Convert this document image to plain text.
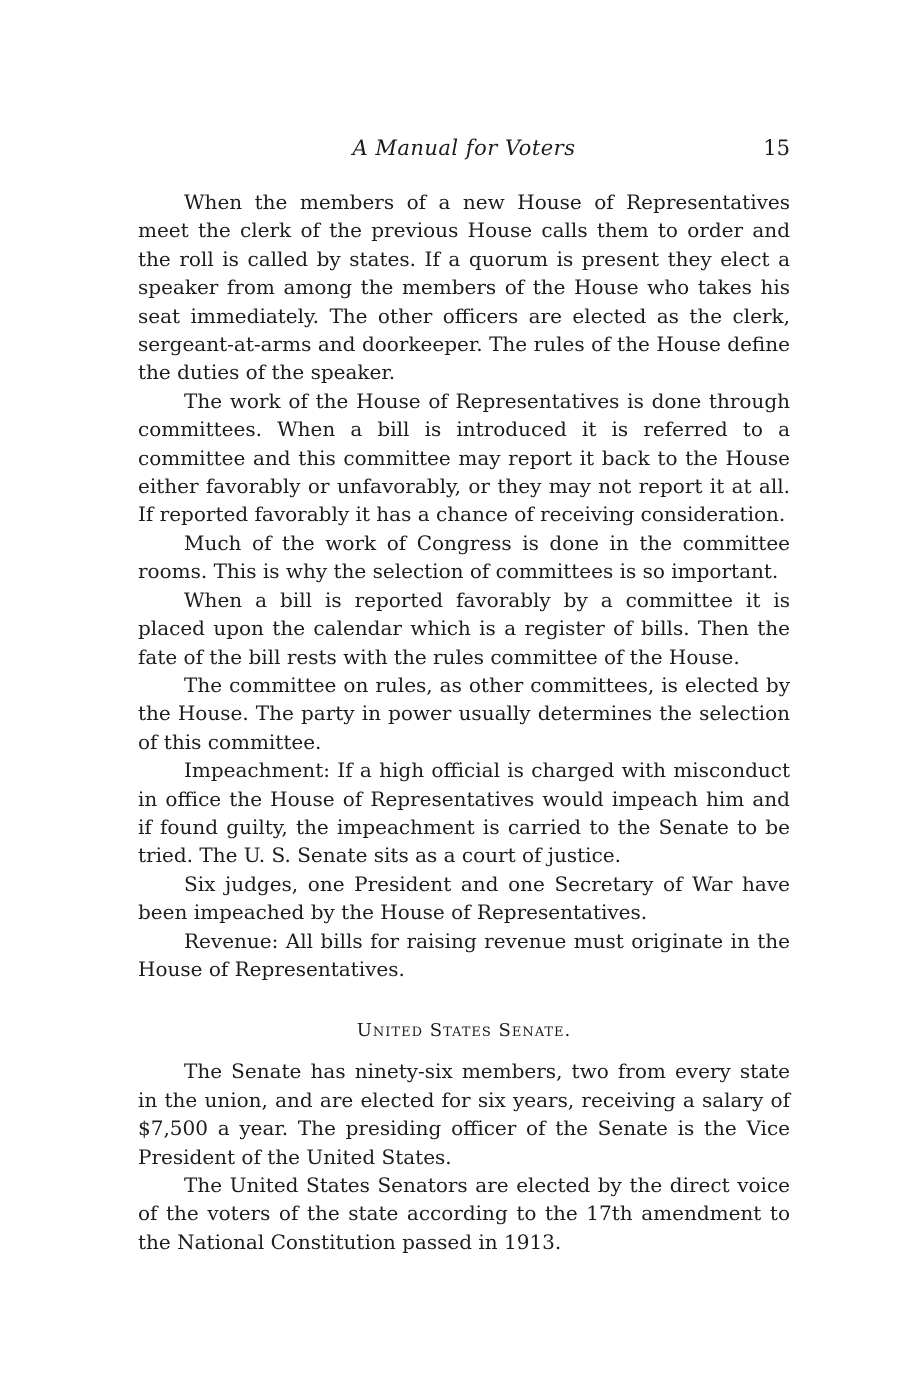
A Manual for Voters	15

When the members of a new House of Representatives meet the clerk of the previous House calls them to order and the roll is called by states. If a quorum is present they elect a speaker from among the members of the House who takes his seat immediately. The other officers are elected as the clerk, sergeant-at-arms and doorkeeper. The rules of the House define the duties of the speaker.

The work of the House of Representatives is done through committees. When a bill is introduced it is referred to a committee and this committee may report it back to the House either favorably or unfavorably, or they may not report it at all. If reported favorably it has a chance of receiving consideration.

Much of the work of Congress is done in the committee rooms. This is why the selection of committees is so important.

When a bill is reported favorably by a committee it is placed upon the calendar which is a register of bills. Then the fate of the bill rests with the rules committee of the House.

The committee on rules, as other committees, is elected by the House. The party in power usually determines the selection of this committee.

Impeachment: If a high official is charged with misconduct in office the House of Representatives would impeach him and if found guilty, the impeachment is carried to the Senate to be tried. The U. S. Senate sits as a court of justice.

Six judges, one President and one Secretary of War have been impeached by the House of Representatives.

Revenue: All bills for raising revenue must originate in the House of Representatives.

United States Senate.

The Senate has ninety-six members, two from every state in the union, and are elected for six years, receiving a salary of $7,500 a year. The presiding officer of the Senate is the Vice President of the United States.

The United States Senators are elected by the direct voice of the voters of the state according to the 17th amendment to the National Constitution passed in 1913.
